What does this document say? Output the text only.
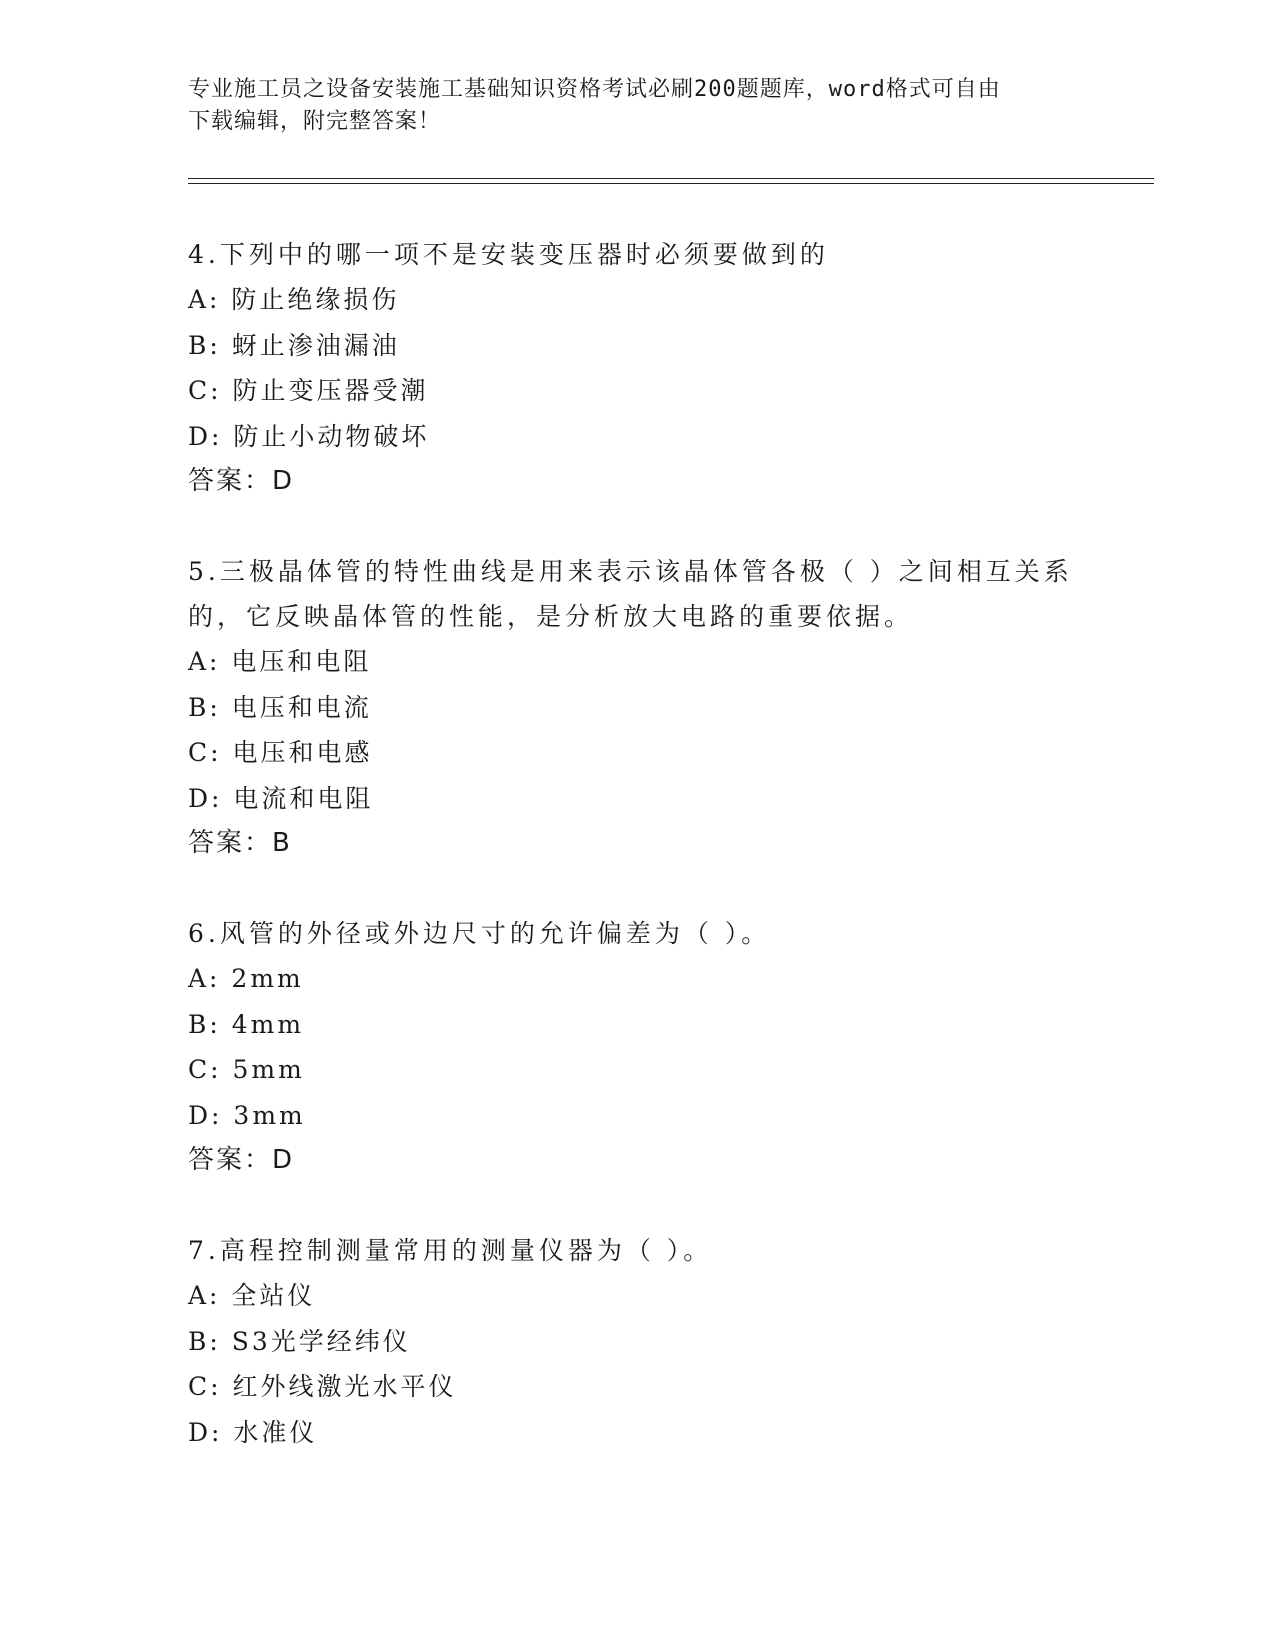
专业施工员之设备安装施工基础知识资格考试必刷200题题库，word格式可自由
下载编辑，附完整答案！

4.下列中的哪一项不是安装变压器时必须要做到的

A: 防止绝缘损伤

B: 蚜止渗油漏油

C: 防止变压器受潮

D: 防止小动物破坏

答案：D

5.三极晶体管的特性曲线是用来表示该晶体管各极（ ）之间相互关系的，它反映晶体管的性能，是分析放大电路的重要依据。

A: 电压和电阻

B: 电压和电流

C: 电压和电感

D: 电流和电阻

答案：B

6.风管的外径或外边尺寸的允许偏差为（ ）。

A: 2mm

B: 4mm

C: 5mm

D: 3mm

答案：D

7.高程控制测量常用的测量仪器为（ ）。

A: 全站仪

B: S3光学经纬仪

C: 红外线激光水平仪

D: 水准仪
